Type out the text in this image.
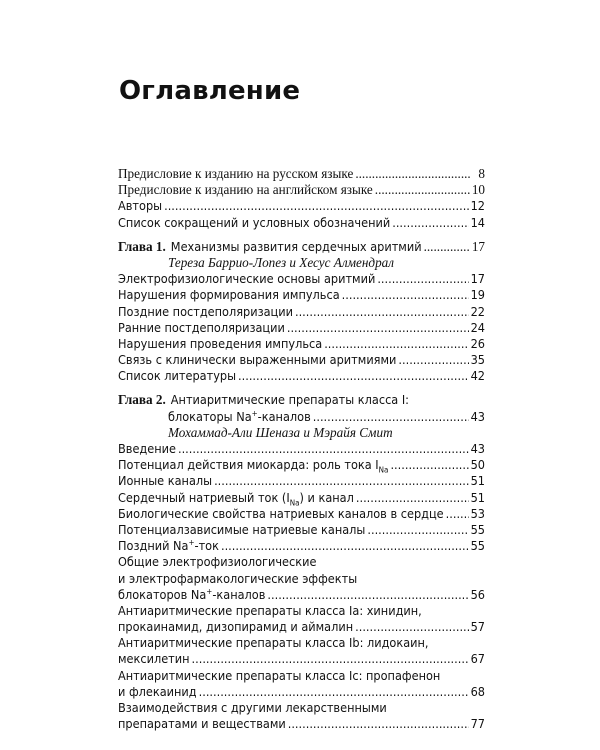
Оглавление
Предисловие к изданию на русском языке .....	8
Предисловие к изданию на английском языке .....	10
Авторы .....	12
Список сокращений и условных обозначений .....	14
Глава 1. Механизмы развития сердечных аритмий .....	17
Тереза Баррио-Лопез и Хесус Алмендрал
Электрофизиологические основы аритмий .....	17
Нарушения формирования импульса .....	19
Поздние постдеполяризации .....	22
Ранние постдеполяризации .....	24
Нарушения проведения импульса .....	26
Связь с клинически выраженными аритмиями .....	35
Список литературы .....	42
Глава 2. Антиаритмические препараты класса I:
блокаторы Na+-каналов .....	43
Мохаммад-Али Шеназа и Мэрайя Смит
Введение .....	43
Потенциал действия миокарда: роль тока $I_{Na}$ .....	50
Ионные каналы .....	51
Сердечный натриевый ток $(I_{Na})$ и канал .....	51
Биологические свойства натриевых каналов в сердце ..... 53
Потенциалзависимые натриевые каналы .....	55
Поздний Na+-ток .....	55
Общие электрофизиологические
и электрофармакологические эффекты
блокаторов Na+-каналов .....	56
Антиаритмические препараты класса Ia: хинидин,
прокаинамид, дизопирамид и аймалин .....	57
Антиаритмические препараты класса Ib: лидокаин,
мексилетин .....	67
Антиаритмические препараты класса Ic: пропафенон
и флекаинид .....	68
Взаимодействия с другими лекарственными
препаратами и веществами .....	77
